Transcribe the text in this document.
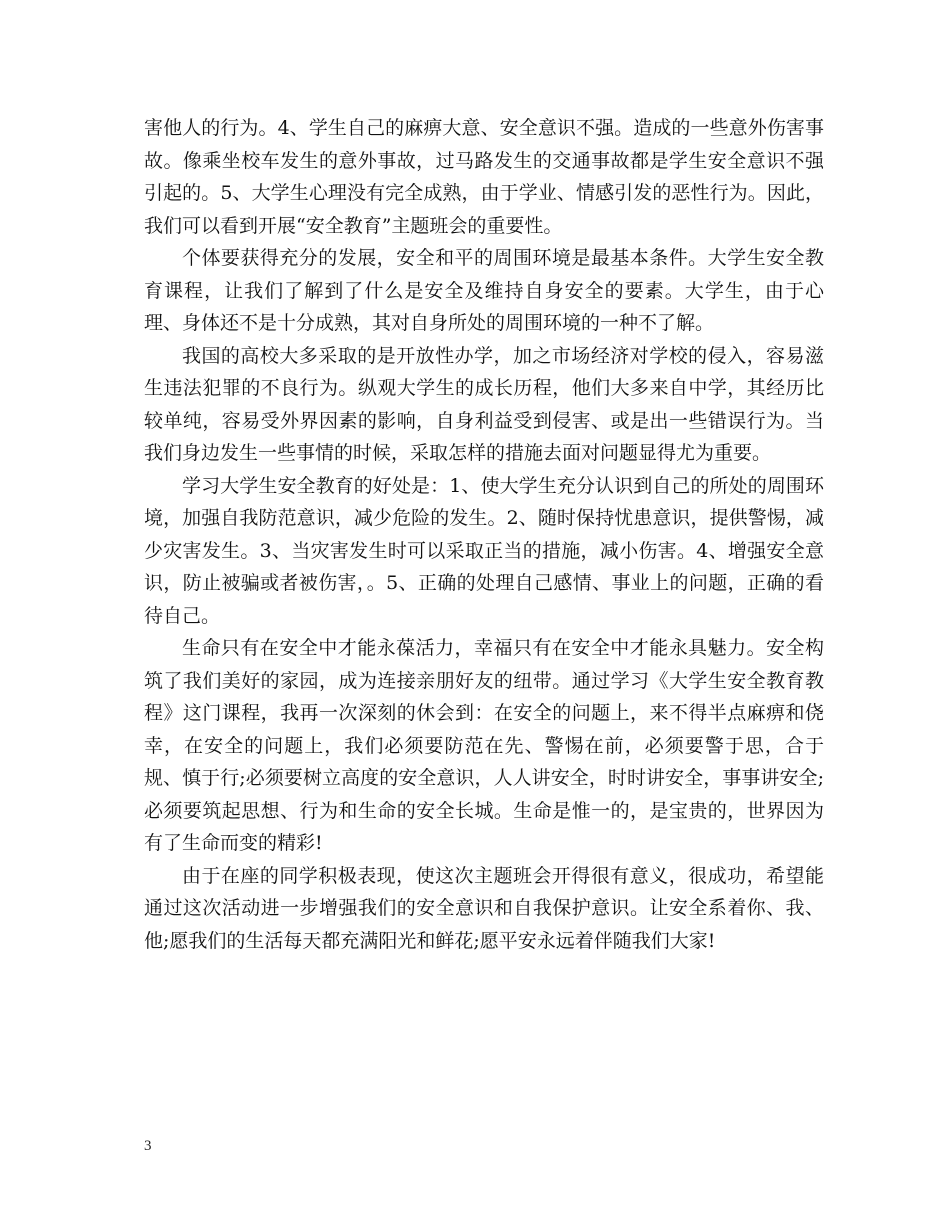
害他人的行为。4、学生自己的麻痹大意、安全意识不强。造成的一些意外伤害事故。像乘坐校车发生的意外事故，过马路发生的交通事故都是学生安全意识不强引起的。5、大学生心理没有完全成熟，由于学业、情感引发的恶性行为。因此，我们可以看到开展“安全教育”主题班会的重要性。

个体要获得充分的发展，安全和平的周围环境是最基本条件。大学生安全教育课程，让我们了解到了什么是安全及维持自身安全的要素。大学生，由于心理、身体还不是十分成熟，其对自身所处的周围环境的一种不了解。

我国的高校大多采取的是开放性办学，加之市场经济对学校的侵入，容易滋生违法犯罪的不良行为。纵观大学生的成长历程，他们大多来自中学，其经历比较单纯，容易受外界因素的影响，自身利益受到侵害、或是出一些错误行为。当我们身边发生一些事情的时候，采取怎样的措施去面对问题显得尤为重要。

学习大学生安全教育的好处是：1、使大学生充分认识到自己的所处的周围环境，加强自我防范意识，减少危险的发生。2、随时保持忧患意识，提供警惕，减少灾害发生。3、当灾害发生时可以采取正当的措施，减小伤害。4、增强安全意识，防止被骗或者被伤害，。5、正确的处理自己感情、事业上的问题，正确的看待自己。

生命只有在安全中才能永葆活力，幸福只有在安全中才能永具魅力。安全构筑了我们美好的家园，成为连接亲朋好友的纽带。通过学习《大学生安全教育教程》这门课程，我再一次深刻的休会到：在安全的问题上，来不得半点麻痹和侥幸，在安全的问题上，我们必须要防范在先、警惕在前，必须要警于思，合于规、慎于行;必须要树立高度的安全意识，人人讲安全，时时讲安全，事事讲安全;必须要筑起思想、行为和生命的安全长城。生命是惟一的，是宝贵的，世界因为有了生命而变的精彩!

由于在座的同学积极表现，使这次主题班会开得很有意义，很成功，希望能通过这次活动进一步增强我们的安全意识和自我保护意识。让安全系着你、我、他;愿我们的生活每天都充满阳光和鲜花;愿平安永远着伴随我们大家!

3
